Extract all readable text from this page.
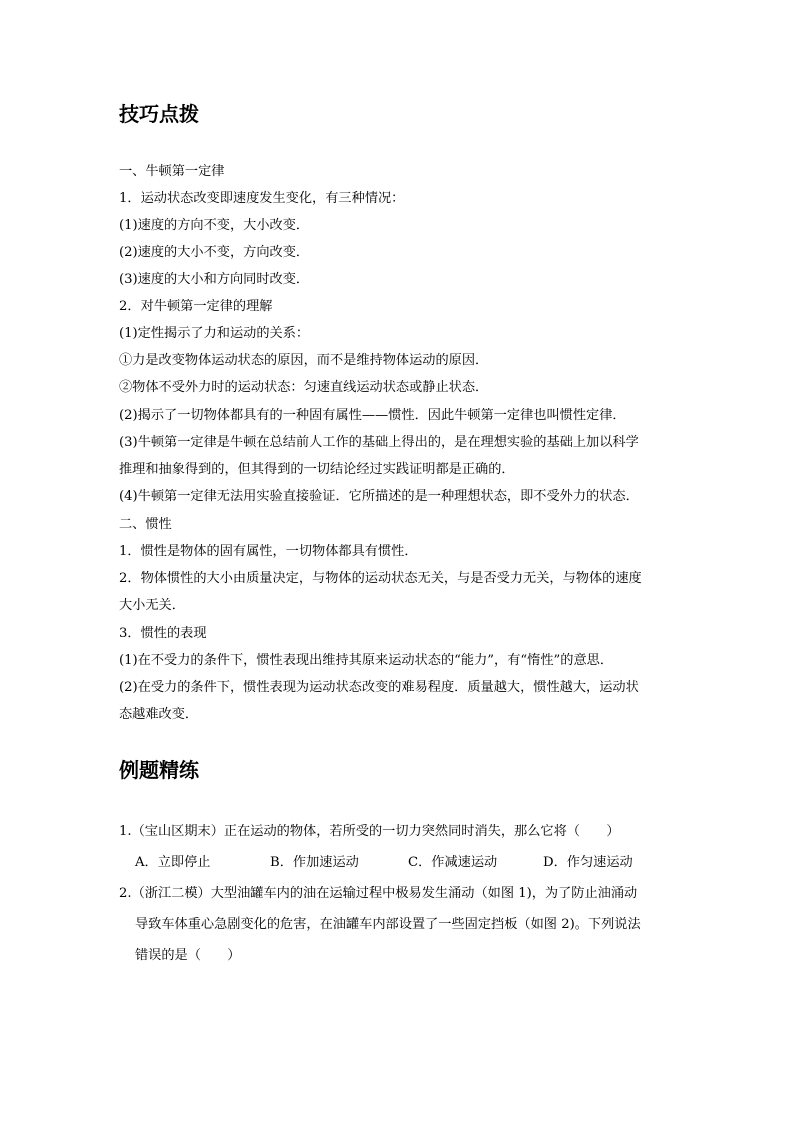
技巧点拨
一、牛顿第一定律
1．运动状态改变即速度发生变化，有三种情况：
(1)速度的方向不变，大小改变．
(2)速度的大小不变，方向改变．
(3)速度的大小和方向同时改变．
2．对牛顿第一定律的理解
(1)定性揭示了力和运动的关系：
①力是改变物体运动状态的原因，而不是维持物体运动的原因．
②物体不受外力时的运动状态：匀速直线运动状态或静止状态．
(2)揭示了一切物体都具有的一种固有属性——惯性．因此牛顿第一定律也叫惯性定律．
(3)牛顿第一定律是牛顿在总结前人工作的基础上得出的，是在理想实验的基础上加以科学
推理和抽象得到的，但其得到的一切结论经过实践证明都是正确的．
(4)牛顿第一定律无法用实验直接验证．它所描述的是一种理想状态，即不受外力的状态．
二、惯性
1．惯性是物体的固有属性，一切物体都具有惯性．
2．物体惯性的大小由质量决定，与物体的运动状态无关，与是否受力无关，与物体的速度
大小无关．
3．惯性的表现
(1)在不受力的条件下，惯性表现出维持其原来运动状态的“能力”，有“惰性”的意思．
(2)在受力的条件下，惯性表现为运动状态改变的难易程度．质量越大，惯性越大，运动状
态越难改变．
例题精练
1.（宝山区期末）正在运动的物体，若所受的一切力突然同时消失，那么它将（　　）
A．立即停止	B．作加速运动	C．作减速运动	D．作匀速运动
2.（浙江二模）大型油罐车内的油在运输过程中极易发生涌动（如图 1)，为了防止油涌动
导致车体重心急剧变化的危害，在油罐车内部设置了一些固定挡板（如图 2)。下列说法
错误的是（　　）
